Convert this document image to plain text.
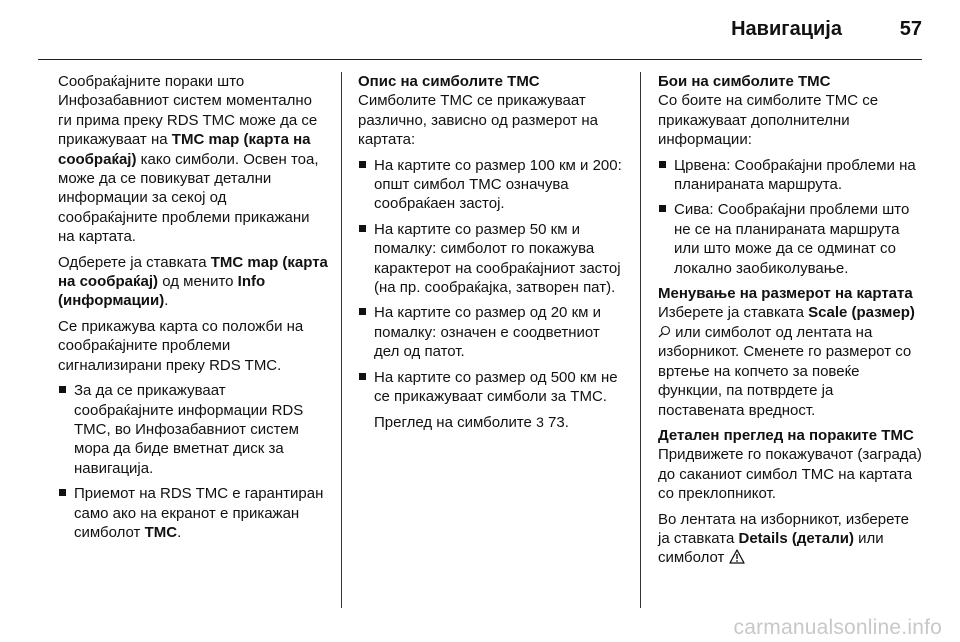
Навигација	57

Сообраќајните пораки што Инфозабавниот систем моментално ги прима преку RDS TMC може да се прикажуваат на TMC map (карта на сообраќај) како симболи. Освен тоа, може да се повикуват детални информации за секој од сообраќајните проблеми прикажани на картата.

Одберете ја ставката TMC map (карта на сообраќај) од менито Info (информации).

Се прикажува карта со положби на сообраќајните проблеми сигнализирани преку RDS TMC.

За да се прикажуваат сообраќајните информации RDS TMC, во Инфозабавниот систем мора да биде вметнат диск за навигација.
Приемот на RDS TMC е гарантиран само ако на екранот е прикажан симболот TMC.

Опис на симболите TMC

Симболите TMC се прикажуваат различно, зависно од размерот на картата:

На картите со размер 100 км и 200: општ симбол TMC означува сообраќаен застој.
На картите со размер 50 км и помалку: симболот го покажува карактерот на сообраќајниот застој (на пр. сообраќајка, затворен пат).
На картите со размер од 20 км и помалку: означен е соодветниот дел од патот.
На картите со размер од 500 км не се прикажуваат симболи за TMC.

Преглед на симболите 3 73.

Бои на симболите TMC

Со боите на симболите TMC се прикажуваат дополнителни информации:

Црвена: Сообраќајни проблеми на планираната маршрута.
Сива: Сообраќајни проблеми што не се на планираната маршрута или што може да се одминат со локално заобиколување.

Менување на размерот на картата

Изберете ја ставката Scale (размер)  или симболот од лентата на изборникот. Сменете го размерот со вртење на копчето за повеќе функции, па потврдете ја поставената вредност.

Детален преглед на пораките TMC

Придвижете го покажувачот (заграда) до саканиот симбол TMC на картата со преклопникот.

Во лентата на изборникот, изберете ја ставката Details (детали) или симболот

carmanualsonline.info
